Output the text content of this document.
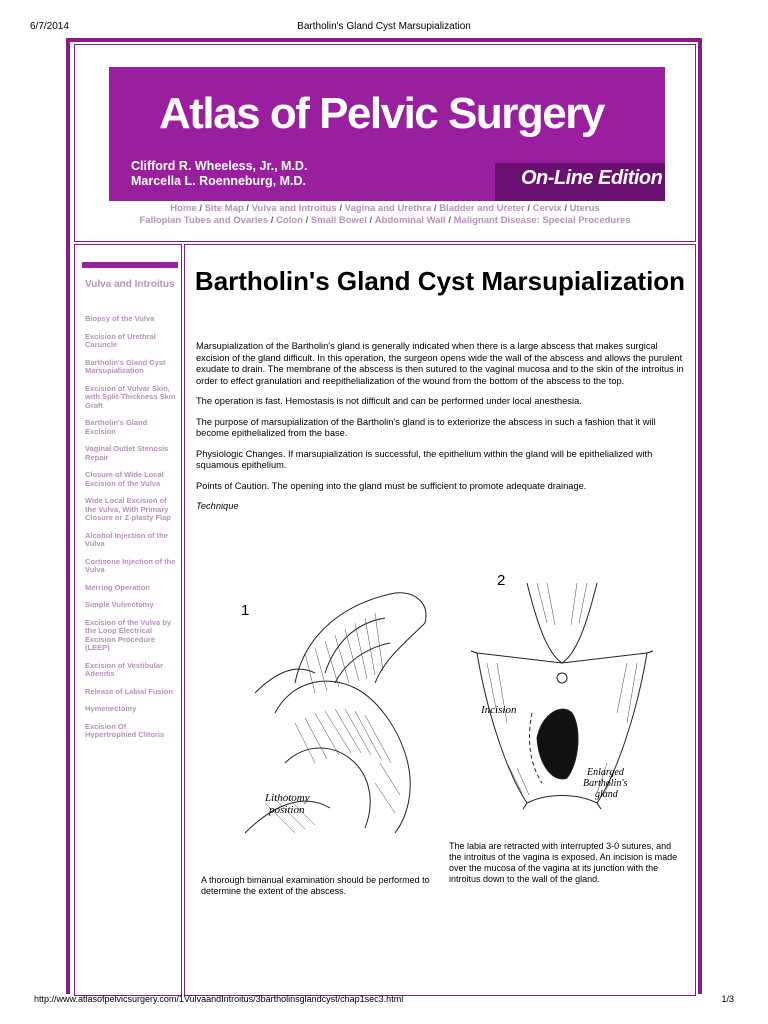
6/7/2014	Bartholin's Gland Cyst Marsupialization
Atlas of Pelvic Surgery
Clifford R. Wheeless, Jr., M.D.
Marcella L. Roenneburg, M.D.	On-Line Edition
Home / Site Map / Vulva and Introitus / Vagina and Urethra / Bladder and Ureter / Cervix / Uterus
Fallopian Tubes and Ovaries / Colon / Small Bowel / Abdominal Wall / Malignant Disease: Special Procedures
Vulva and Introitus
Biopsy of the Vulva
Excision of Urethral Caruncle
Bartholin's Gland Cyst Marsupialization
Excision of Vulvar Skin, with Split-Thickness Skin Graft
Bartholin's Gland Excision
Vaginal Outlet Stenosis Repair
Closure of Wide Local Excision of the Vulva
Wide Local Excision of the Vulva, With Primary Closure or Z-plasty Flap
Alcohol Injection of the Vulva
Cortisone Injection of the Vulva
Merring Operation
Simple Vulvectomy
Excision of the Vulva by the Loop Electrical Excision Procedure (LEEP)
Excision of Vestibular Adenitis
Release of Labial Fusion
Hymenectomy
Excision Of Hypertrophied Clitoris
Bartholin's Gland Cyst Marsupialization

Marsupialization of the Bartholin's gland is generally indicated when there is a large abscess that makes surgical excision of the gland difficult. In this operation, the surgeon opens wide the wall of the abscess and allows the purulent exudate to drain. The membrane of the abscess is then sutured to the vaginal mucosa and to the skin of the introitus in order to effect granulation and reepithelialization of the wound from the bottom of the abscess to the top.

The operation is fast. Hemostasis is not difficult and can be performed under local anesthesia.

The purpose of marsupialization of the Bartholin's gland is to exteriorize the abscess in such a fashion that it will become epithelialized from the base.

Physiologic Changes. If marsupialization is successful, the epithelium within the gland will be epithelialized with squamous epithelium.

Points of Caution. The opening into the gland must be sufficient to promote adequate drainage.

Technique

1
Lithotomy
position
2
Incision
Enlarged
Bartholin's
gland
A thorough bimanual examination should be performed to determine the extent of the abscess.
The labia are retracted with interrupted 3-0 sutures, and the introitus of the vagina is exposed. An incision is made over the mucosa of the vagina at its junction with the introitus down to the wall of the gland.
http://www.atlasofpelvicsurgery.com/1VulvaandIntroitus/3bartholinsglandcyst/chap1sec3.html	1/3
